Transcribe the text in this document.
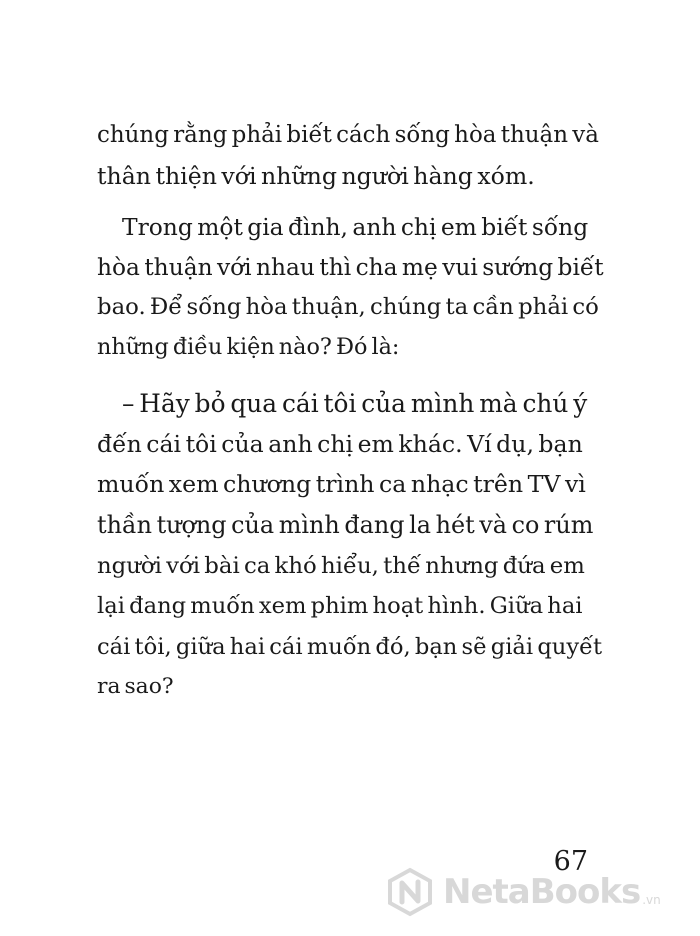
chúng rằng phải biết cách sống hòa thuận và
thân thiện với những người hàng xóm.
Trong một gia đình, anh chị em biết sống
hòa thuận với nhau thì cha mẹ vui sướng biết
bao. Để sống hòa thuận, chúng ta cần phải có
những điều kiện nào? Đó là:
– Hãy bỏ qua cái tôi của mình mà chú ý
đến cái tôi của anh chị em khác. Ví dụ, bạn
muốn xem chương trình ca nhạc trên TV vì
thần tượng của mình đang la hét và co rúm
người với bài ca khó hiểu, thế nhưng đứa em
lại đang muốn xem phim hoạt hình. Giữa hai
cái tôi, giữa hai cái muốn đó, bạn sẽ giải quyết
ra sao?
67
NetaBooks .vn
